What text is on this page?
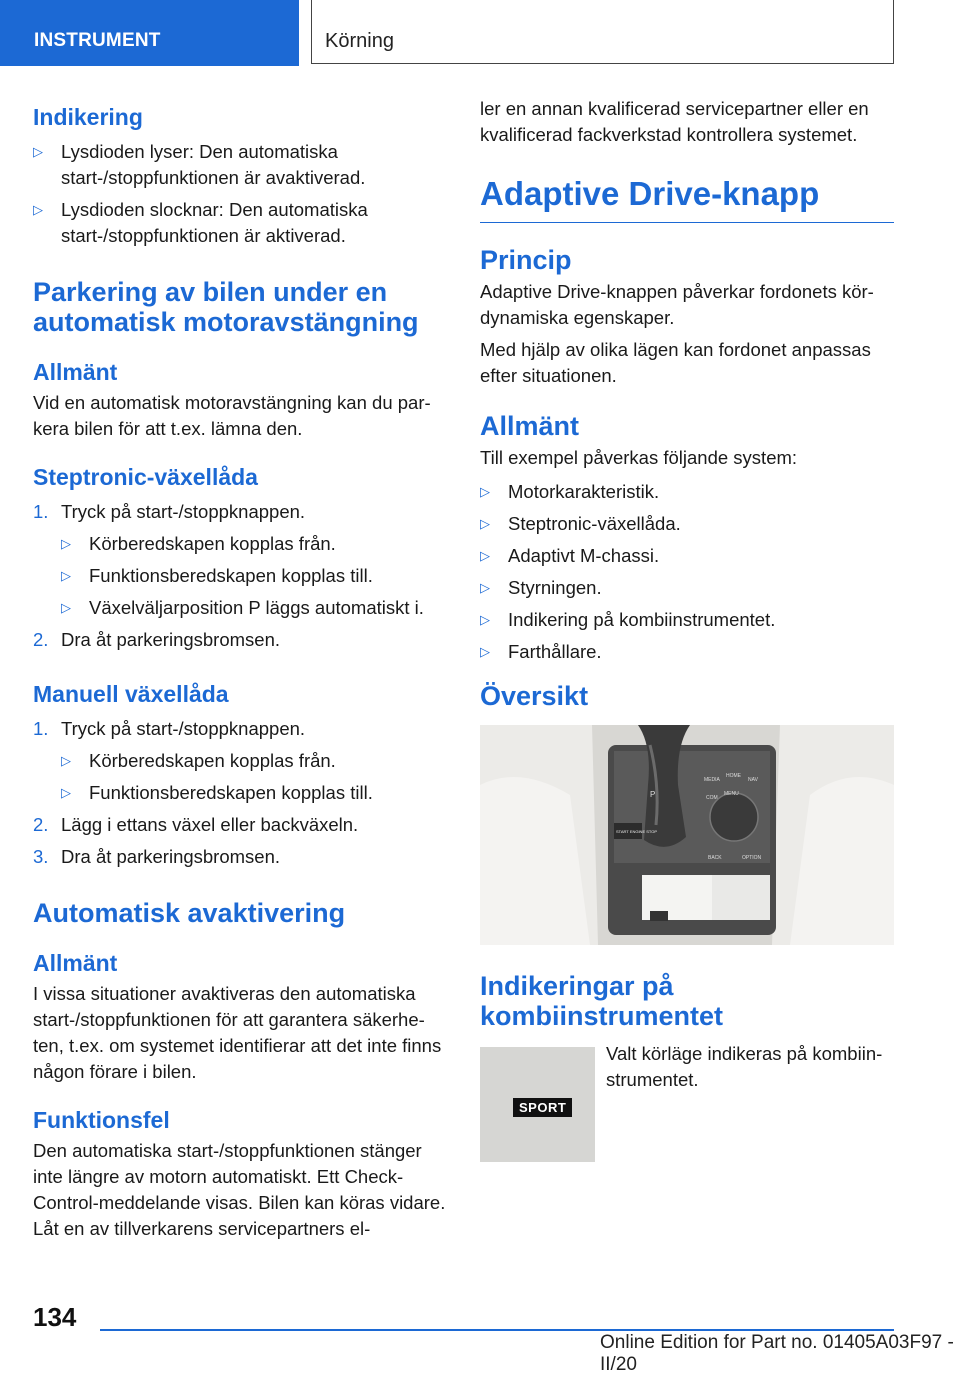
INSTRUMENT	Körning
Indikering
▷ Lysdioden lyser: Den automatiska start-/stoppfunktionen är avaktiverad.
▷ Lysdioden slocknar: Den automatiska start-/stoppfunktionen är aktiverad.
Parkering av bilen under en automatisk motoravstängning
Allmänt

Vid en automatisk motoravstängning kan du par-kera bilen för att t.ex. lämna den.

Steptronic-växellåda
1. Tryck på start-/stoppknappen.
▷ Körberedskapen kopplas från.
▷ Funktionsberedskapen kopplas till.
▷ Växelväljarposition P läggs automatiskt i.
2. Dra åt parkeringsbromsen.
Manuell växellåda
1. Tryck på start-/stoppknappen.
▷ Körberedskapen kopplas från.
▷ Funktionsberedskapen kopplas till.
2. Lägg i ettans växel eller backväxeln.
3. Dra åt parkeringsbromsen.
Automatisk avaktivering
Allmänt

I vissa situationer avaktiveras den automatiska start-/stoppfunktionen för att garantera säkerhe-ten, t.ex. om systemet identifierar att det inte finns någon förare i bilen.

Funktionsfel

Den automatiska start-/stoppfunktionen stänger inte längre av motorn automatiskt. Ett Check-Control-meddelande visas. Bilen kan köras vidare. Låt en av tillverkarens servicepartners el-

ler en annan kvalificerad servicepartner eller en kvalificerad fackverkstad kontrollera systemet.

Adaptive Drive-knapp
Princip

Adaptive Drive-knappen påverkar fordonets kör-dynamiska egenskaper.

Med hjälp av olika lägen kan fordonet anpassas efter situationen.

Allmänt

Till exempel påverkas följande system:

▷ Motorkarakteristik.
▷ Steptronic-växellåda.
▷ Adaptivt M-chassi.
▷ Styrningen.
▷ Indikering på kombiinstrumentet.
▷ Farthållare.
Översikt
P
MEDIA
HOME
NAV
COM
MENU
BACK	OPTION
START ENGINE STOP
Indikeringar på kombiinstrumentet
SPORT

Valt körläge indikeras på kombiin-strumentet.

134
Online Edition for Part no. 01405A03F97 - II/20
